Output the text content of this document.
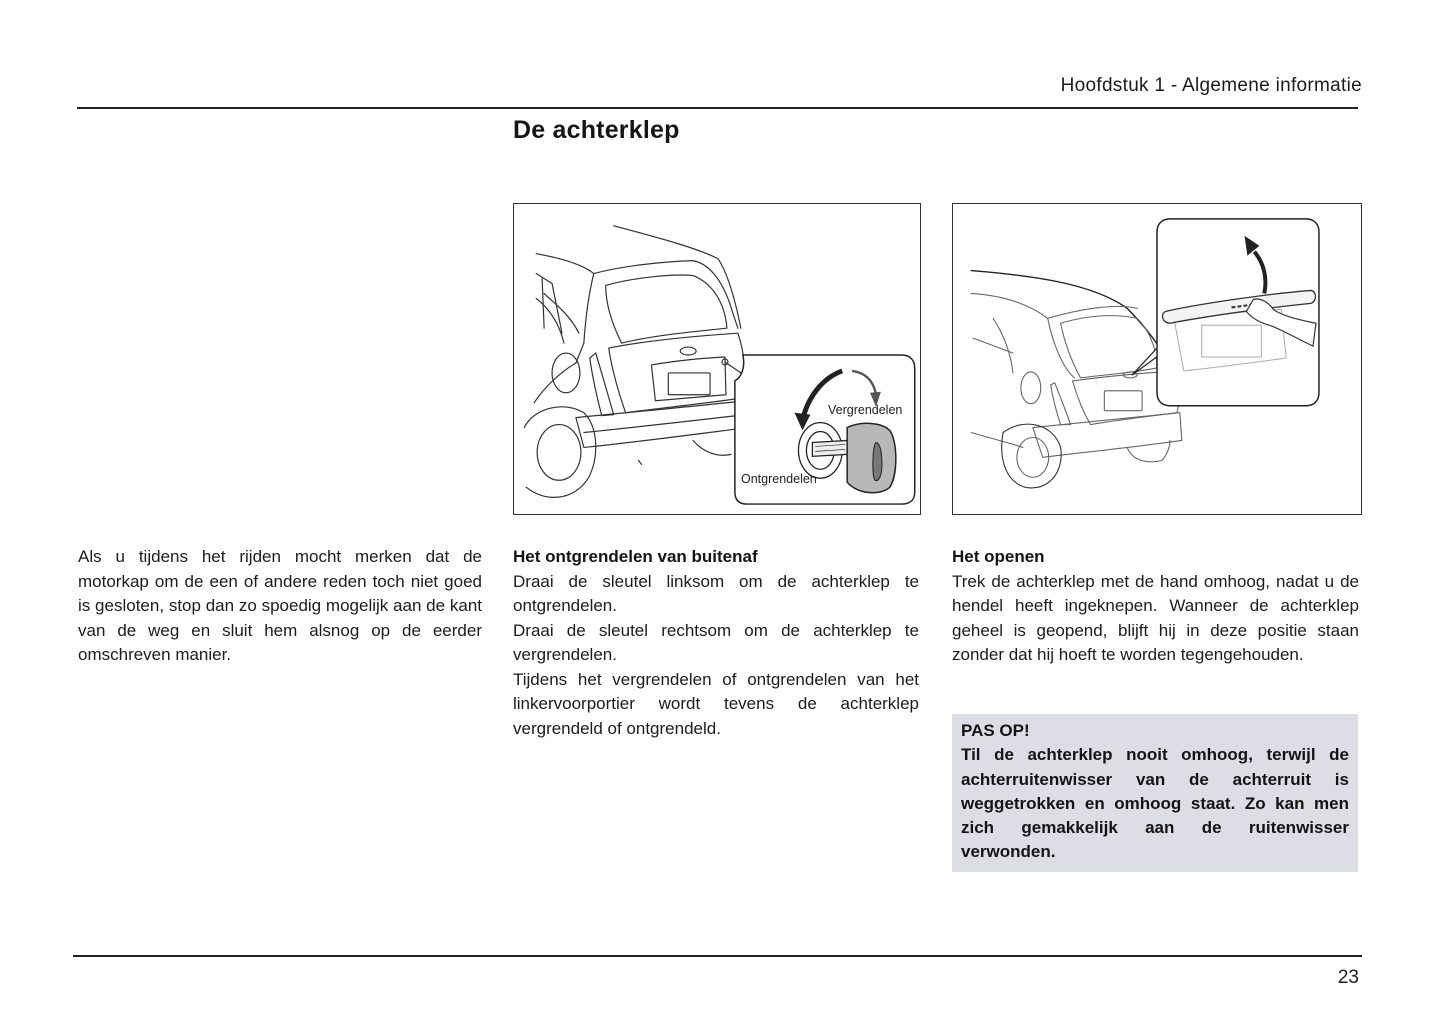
Hoofdstuk 1 - Algemene informatie
De achterklep
Vergrendelen
Ontgrendelen

Als u tijdens het rijden mocht merken dat de motorkap om de een of andere reden toch niet goed is gesloten, stop dan zo spoedig mogelijk aan de kant van de weg en sluit hem alsnog op de eerder omschreven manier.

Het ontgrendelen van buitenaf

Draai de sleutel linksom om de achterklep te ontgrendelen.

Draai de sleutel rechtsom om de achterklep te vergrendelen.

Tijdens het vergrendelen of ontgrendelen van het linkervoorportier wordt tevens de achterklep vergrendeld of ontgrendeld.

Het openen

Trek de achterklep met de hand omhoog, nadat u de hendel heeft ingeknepen. Wanneer de achterklep geheel is geopend, blijft hij in deze positie staan zonder dat hij hoeft te worden tegengehouden.

PAS OP!
Til de achterklep nooit omhoog, terwijl de achterruitenwisser van de achterruit is weggetrokken en omhoog staat. Zo kan men zich gemakkelijk aan de ruitenwisser verwonden.
23
